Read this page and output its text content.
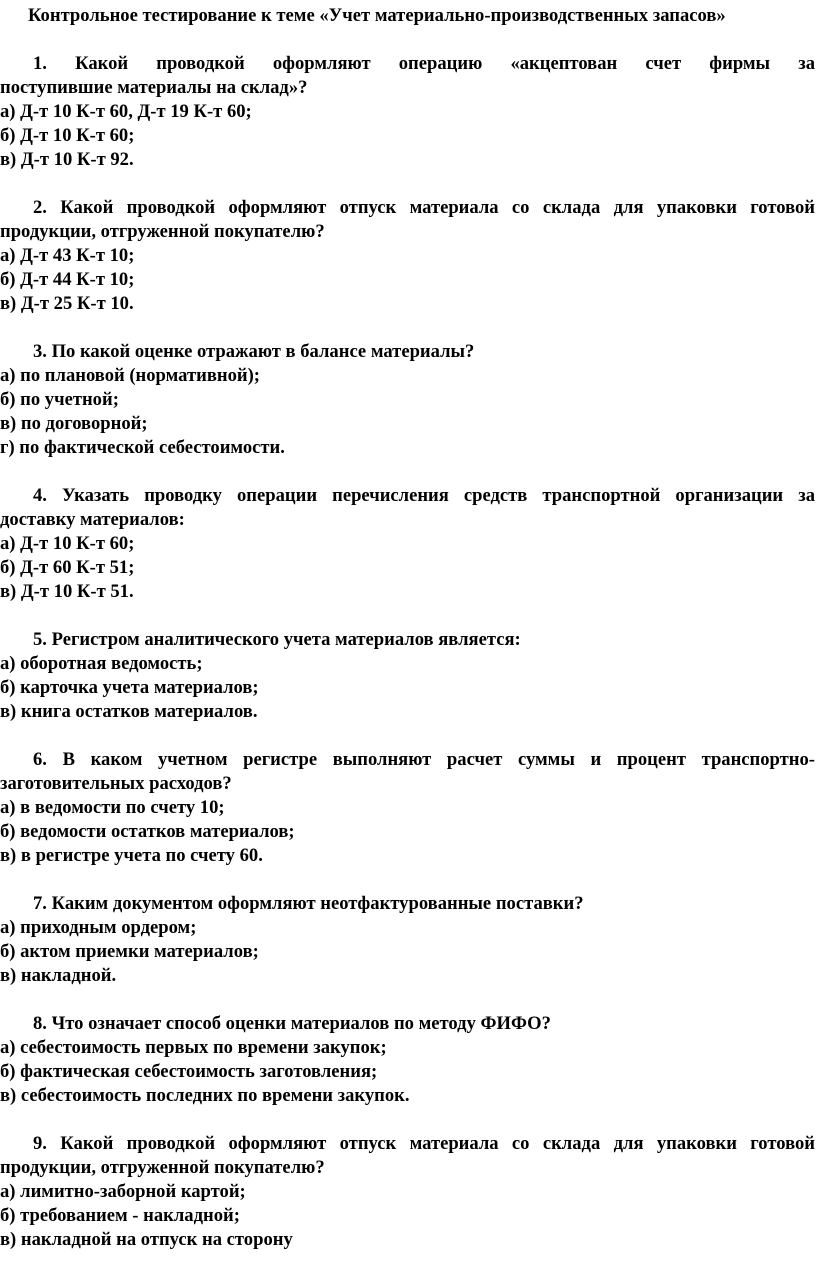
Контрольное тестирование к теме «Учет материально-производственных запасов»
1. Какой проводкой оформляют операцию «акцептован счет фирмы за
поступившие материалы на склад»?
а) Д-т 10 К-т 60, Д-т 19 К-т 60;
б) Д-т 10 К-т 60;
в) Д-т 10 К-т 92.
2. Какой проводкой оформляют отпуск материала со склада для упаковки готовой
продукции, отгруженной покупателю?
а) Д-т 43 К-т 10;
б) Д-т 44 К-т 10;
в) Д-т 25 К-т 10.
3. По какой оценке отражают в балансе материалы?
а) по плановой (нормативной);
б) по учетной;
в) по договорной;
г) по фактической себестоимости.
4. Указать проводку операции перечисления средств транспортной организации за
доставку материалов:
а) Д-т 10 К-т 60;
б) Д-т 60 К-т 51;
в) Д-т 10 К-т 51.
5. Регистром аналитического учета материалов является:
а) оборотная ведомость;
б) карточка учета материалов;
в) книга остатков материалов.
6. В каком учетном регистре выполняют расчет суммы и процент транспортно-
заготовительных расходов?
а) в ведомости по счету 10;
б) ведомости остатков материалов;
в) в регистре учета по счету 60.
7. Каким документом оформляют неотфактурованные поставки?
а) приходным ордером;
б) актом приемки материалов;
в) накладной.
8. Что означает способ оценки материалов по методу ФИФО?
а) себестоимость первых по времени закупок;
б) фактическая себестоимость заготовления;
в) себестоимость последних по времени закупок.
9. Какой проводкой оформляют отпуск материала со склада для упаковки готовой
продукции, отгруженной покупателю?
а) лимитно-заборной картой;
б) требованием - накладной;
в) накладной на отпуск на сторону
